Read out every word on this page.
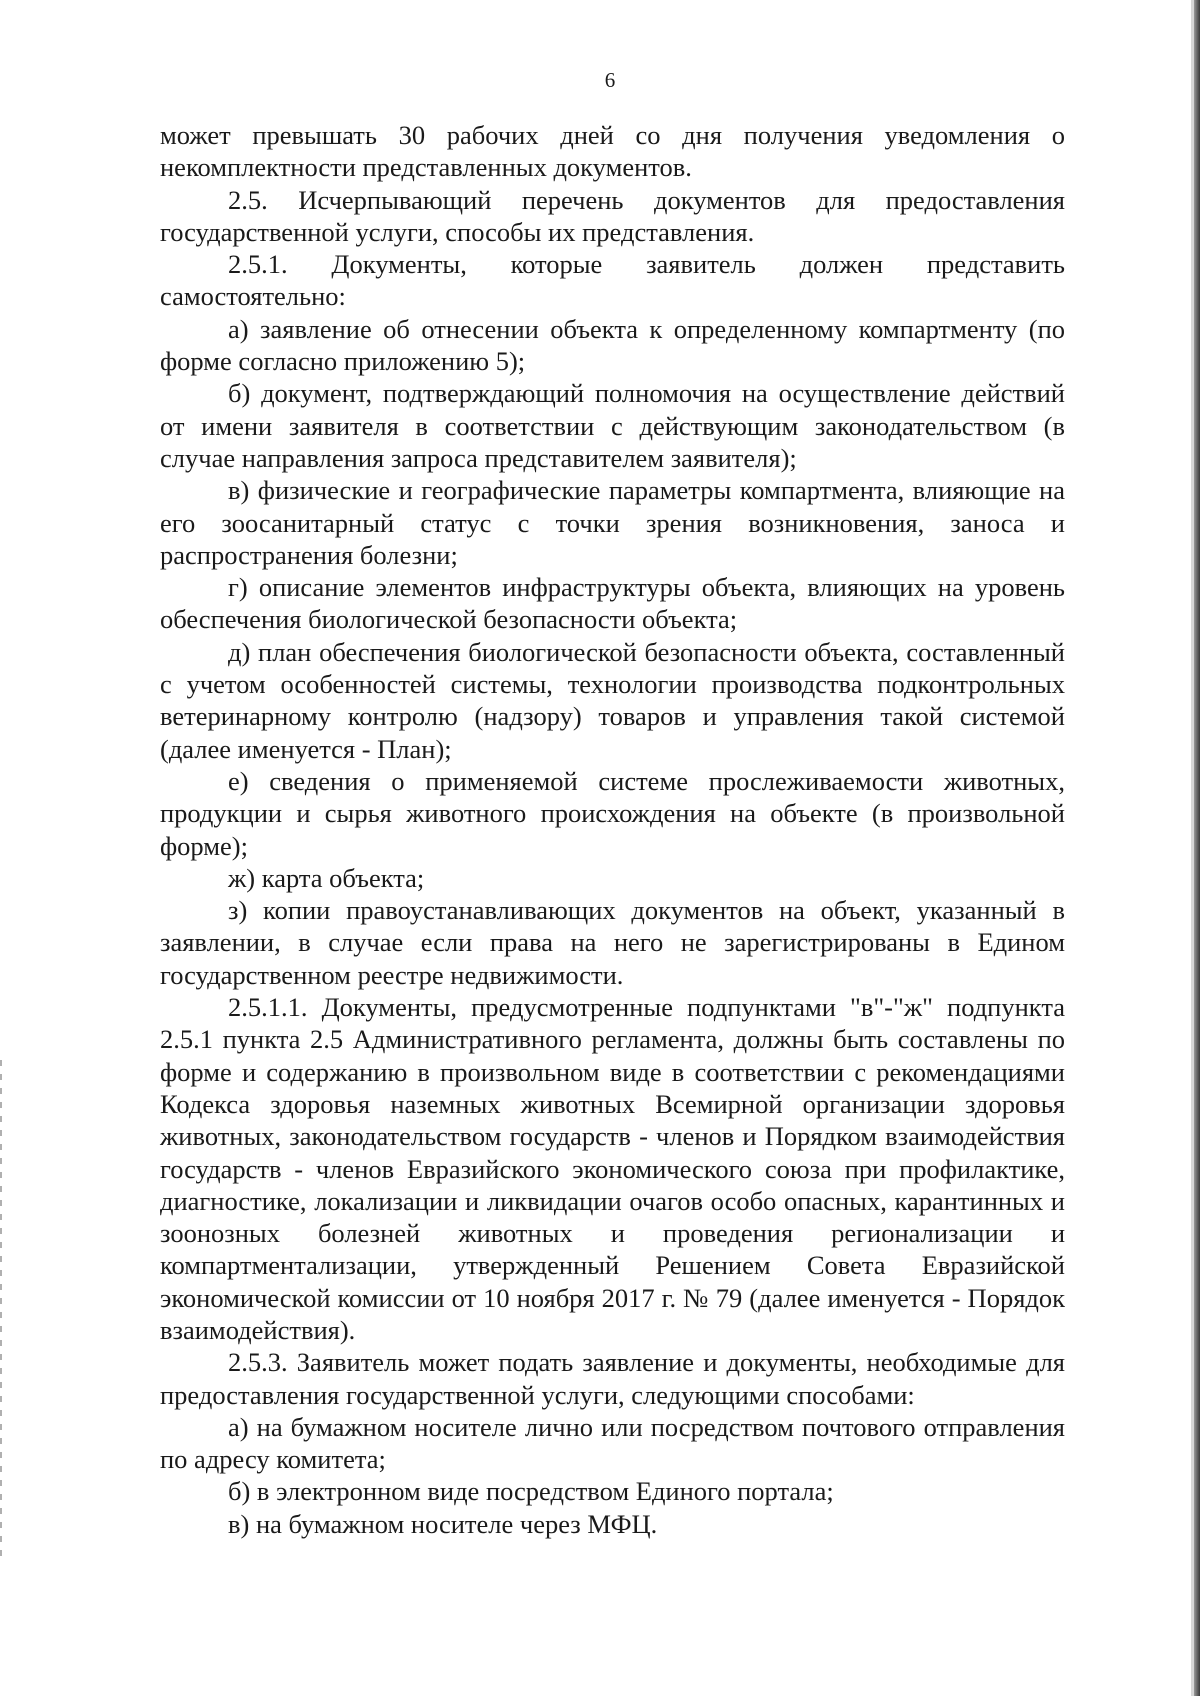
6

может превышать 30 рабочих дней со дня получения уведомления о некомплектности представленных документов.

2.5. Исчерпывающий перечень документов для предоставления государственной услуги, способы их представления.

2.5.1. Документы, которые заявитель должен представить самостоятельно:

а) заявление об отнесении объекта к определенному компартменту (по форме согласно приложению 5);

б) документ, подтверждающий полномочия на осуществление действий от имени заявителя в соответствии с действующим законодательством (в случае направления запроса представителем заявителя);

в) физические и географические параметры компартмента, влияющие на его зоосанитарный статус с точки зрения возникновения, заноса и распространения болезни;

г) описание элементов инфраструктуры объекта, влияющих на уровень обеспечения биологической безопасности объекта;

д) план обеспечения биологической безопасности объекта, составленный с учетом особенностей системы, технологии производства подконтрольных ветеринарному контролю (надзору) товаров и управления такой системой (далее именуется - План);

е) сведения о применяемой системе прослеживаемости животных, продукции и сырья животного происхождения на объекте (в произвольной форме);

ж) карта объекта;

з) копии правоустанавливающих документов на объект, указанный в заявлении, в случае если права на него не зарегистрированы в Едином государственном реестре недвижимости.

2.5.1.1. Документы, предусмотренные подпунктами "в"-"ж" подпункта 2.5.1 пункта 2.5 Административного регламента, должны быть составлены по форме и содержанию в произвольном виде в соответствии с рекомендациями Кодекса здоровья наземных животных Всемирной организации здоровья животных, законодательством государств - членов и Порядком взаимодействия государств - членов Евразийского экономического союза при профилактике, диагностике, локализации и ликвидации очагов особо опасных, карантинных и зоонозных болезней животных и проведения регионализации и компартментализации, утвержденный Решением Совета Евразийской экономической комиссии от 10 ноября 2017 г. № 79 (далее именуется - Порядок взаимодействия).

2.5.3. Заявитель может подать заявление и документы, необходимые для предоставления государственной услуги, следующими способами:

а) на бумажном носителе лично или посредством почтового отправления по адресу комитета;

б) в электронном виде посредством Единого портала;

в) на бумажном носителе через МФЦ.
